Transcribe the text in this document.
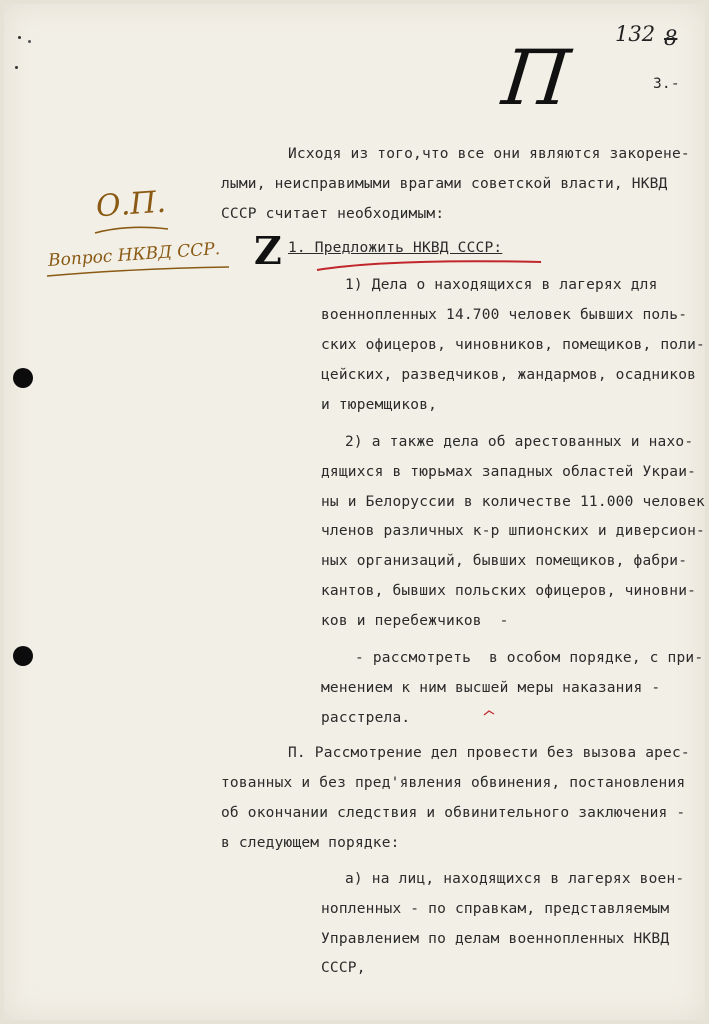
132 8
П	3.-
О.П.
Вопрос НКВД ССР. Z
Исходя из того,что все они являются закорене-
лыми, неисправимыми врагами советской власти, НКВД
СССР считает необходимым:
1. Предложить НКВД СССР:
1) Дела о находящихся в лагерях для
военнопленных 14.700 человек бывших поль-
ских офицеров, чиновников, помещиков, поли-
цейских, разведчиков, жандармов, осадников
и тюремщиков,
2) а также дела об арестованных и нахо-
дящихся в тюрьмах западных областей Украи-
ны и Белоруссии в количестве 11.000 человек
членов различных к-р шпионских и диверсион-
ных организаций, бывших помещиков, фабри-
кантов, бывших польских офицеров, чиновни-
ков и перебежчиков  -
- рассмотреть  в особом порядке, с при-
менением к ним высшей меры наказания -
расстрела.
П. Рассмотрение дел провести без вызова арес-
тованных и без пред'явления обвинения, постановления
об окончании следствия и обвинительного заключения -
в следующем порядке:
а) на лиц, находящихся в лагерях воен-
нопленных - по справкам, представляемым
Управлением по делам военнопленных НКВД
СССР,
